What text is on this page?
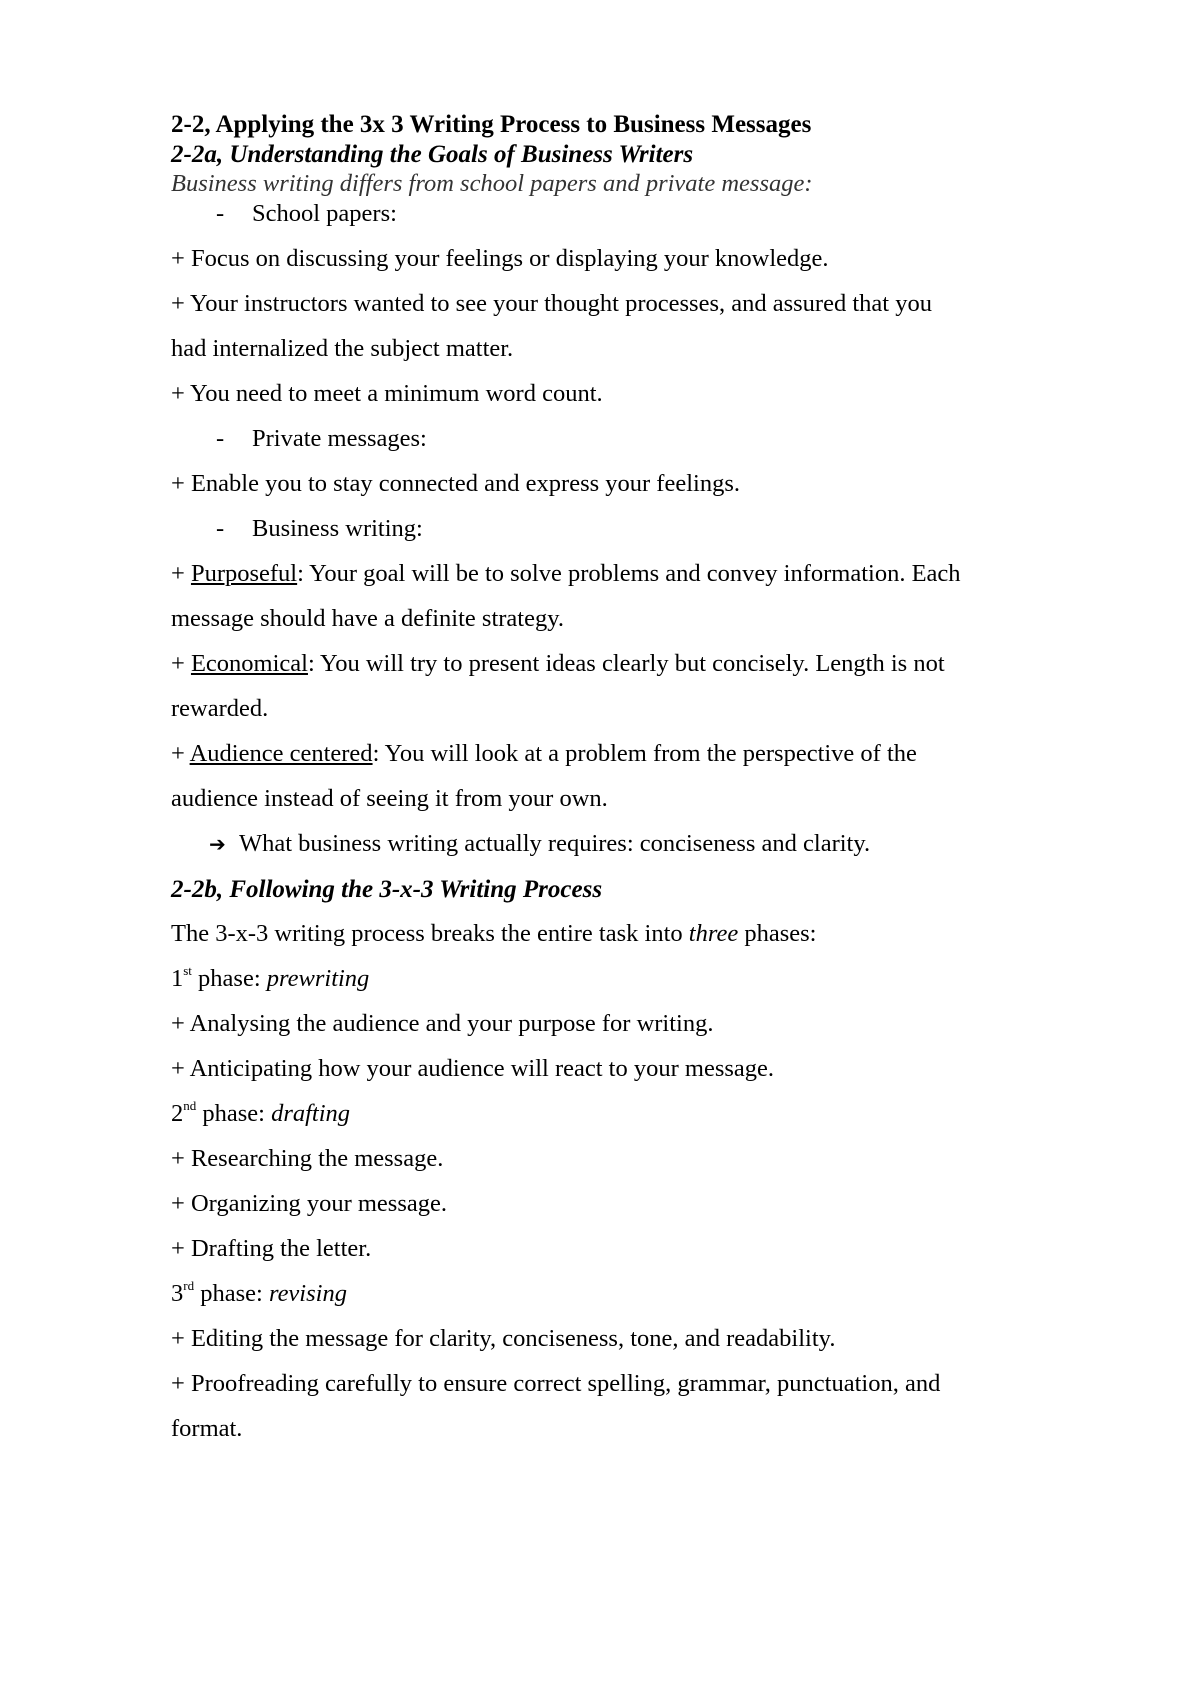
2-2, Applying the 3x 3 Writing Process to Business Messages
2-2a, Understanding the Goals of Business Writers
Business writing differs from school papers and private message:
- School papers:
+ Focus on discussing your feelings or displaying your knowledge.
+ Your instructors wanted to see your thought processes, and assured that you
had internalized the subject matter.
+ You need to meet a minimum word count.
- Private messages:
+ Enable you to stay connected and express your feelings.
- Business writing:
+ Purposeful: Your goal will be to solve problems and convey information. Each
message should have a definite strategy.
+ Economical: You will try to present ideas clearly but concisely. Length is not
rewarded.
+ Audience centered: You will look at a problem from the perspective of the
audience instead of seeing it from your own.
➔ What business writing actually requires: conciseness and clarity.
2-2b, Following the 3-x-3 Writing Process
The 3-x-3 writing process breaks the entire task into three phases:
1st phase: prewriting
+ Analysing the audience and your purpose for writing.
+ Anticipating how your audience will react to your message.
2nd phase: drafting
+ Researching the message.
+ Organizing your message.
+ Drafting the letter.
3rd phase: revising
+ Editing the message for clarity, conciseness, tone, and readability.
+ Proofreading carefully to ensure correct spelling, grammar, punctuation, and
format.
